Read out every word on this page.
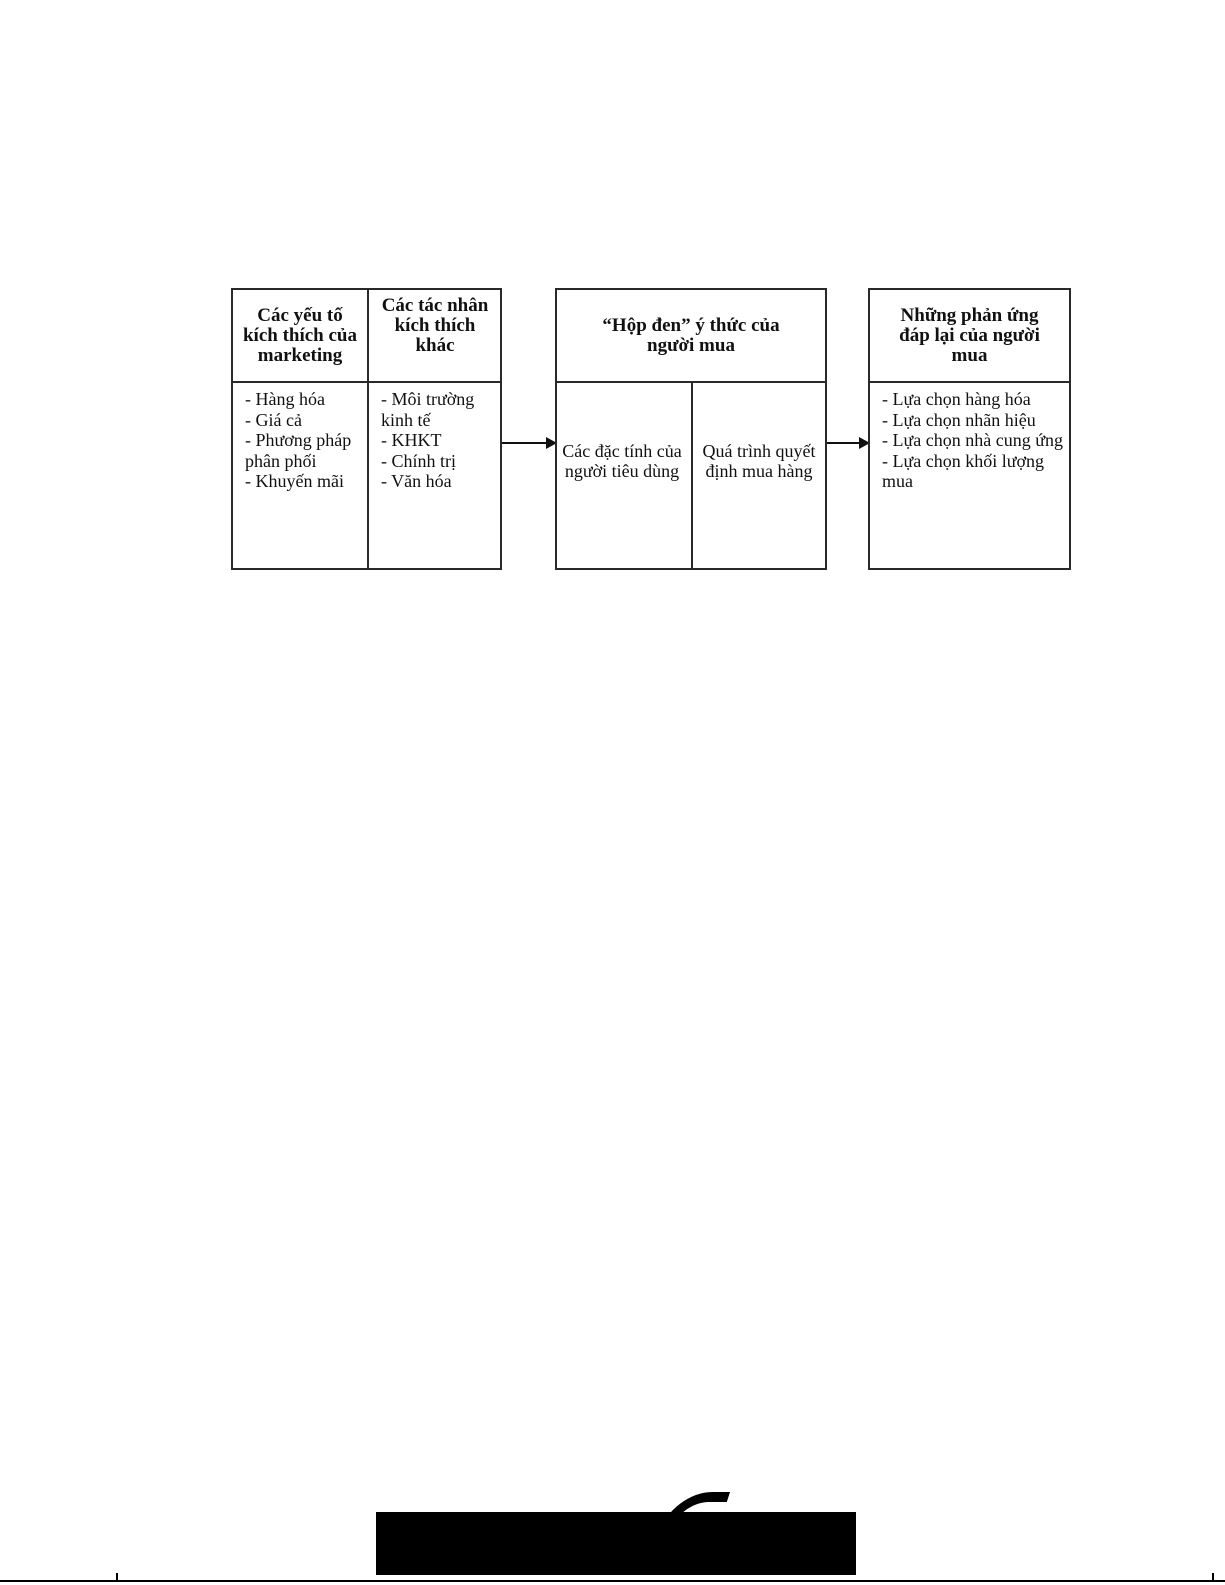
Các yếu tố kích thích của marketing
Các tác nhân kích thích khác
- Hàng hóa
- Giá cả
- Phương pháp phân phối
- Khuyến mãi
- Môi trường kinh tế
- KHKT
- Chính trị
- Văn hóa
“Hộp đen” ý thức của người mua
Các đặc tính của người tiêu dùng
Quá trình quyết định mua hàng
Những phản ứng đáp lại của người mua
- Lựa chọn hàng hóa
- Lựa chọn nhãn hiệu
- Lựa chọn nhà cung ứng
- Lựa chọn khối lượng mua
